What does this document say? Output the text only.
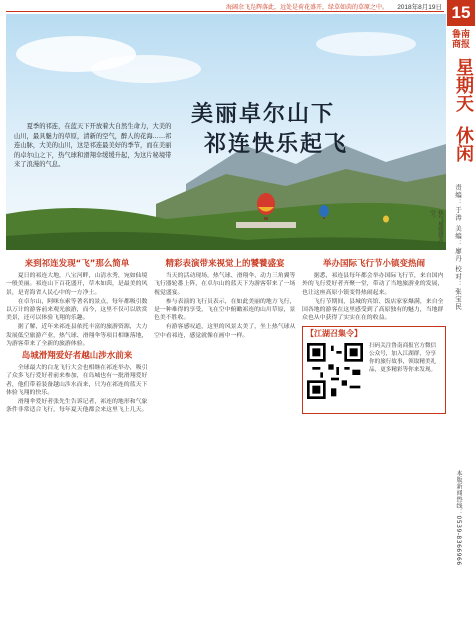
海阔余飞凫辉落此，远处是荷花盛开，绿草如茵的草原之中。 2018年8月19日 15
鲁南商报
星期天
休闲
责编：于涛 美编：廖丹 校对：张宝民
本版新闻热线：0539-8366966
美丽卓尔山下
祁连快乐起飞
夏季的祁连，在蓝天下开放着大自然生命力，大美的山川，最具魅力的草原，清新的空气，醉人的花海……祁连山脉，大美的山川，这是祁连最美好的季节，而在美丽的卓尔山之下，热气球和滑翔伞缓缓升起，为这片秘境带来了浪漫的气息。
热气球缓缓升空。
来到祁连发现“飞”那么简单

夏日的祁连大地，八宝河畔，山清水秀，宛如仙境一般美丽。祁连山下百花盛开，草木如茵，是最美的风景，是青海省人民心中的一方净土。

在卓尔山，阿咪东索等著名的景点，每年都吸引数以万计的游客前来观光旅游，而今，这里不仅可以欣赏美景，还可以体验飞翔的乐趣。

据了解，近年来祁连县依托丰富的旅游资源，大力发展低空旅游产业，热气球、滑翔伞等项目相继落地，为游客带来了全新的旅游体验。

岛城滑翔爱好者越山涉水前来

全球最大的白龙飞行大会也相继在祁连举办，吸引了众多飞行爱好者前来参加，在岛城也有一批滑翔爱好者，他们带着装备越山涉水而来，只为在祁连的蓝天下体验飞翔的快乐。

滑翔伞爱好者张先生告诉记者，祁连的地形和气象条件非常适合飞行，每年夏天他都会来这里飞上几天。

精彩表演带来视觉上的饕餮盛宴

当天的活动现场，热气球、滑翔伞、动力三角翼等飞行器轮番上阵，在卓尔山的蓝天下为游客带来了一场视觉盛宴。

参与表演的飞行员表示，在如此美丽的地方飞行，是一种难得的享受，飞在空中俯瞰祁连的山川草原，景色美不胜收。

有游客感叹道，这里的风景太美了，坐上热气球从空中看祁连，感觉就像在画中一样。

举办国际飞行节小镇变热闹

据悉，祁连县每年都会举办国际飞行节，来自国内外的飞行爱好者齐聚一堂，带动了当地旅游业的发展，也让这座高原小镇变得热闹起来。

飞行节期间，县城的宾馆、饭店家家爆满，来自全国各地的游客在这里感受到了高原独有的魅力，当地群众也从中获得了实实在在的收益。

【江湖召集令】
扫码关注鲁南商报官方微信公众号，加入江湖群，分享你的旅行故事，领取精美礼品，更多精彩等你来发现。
